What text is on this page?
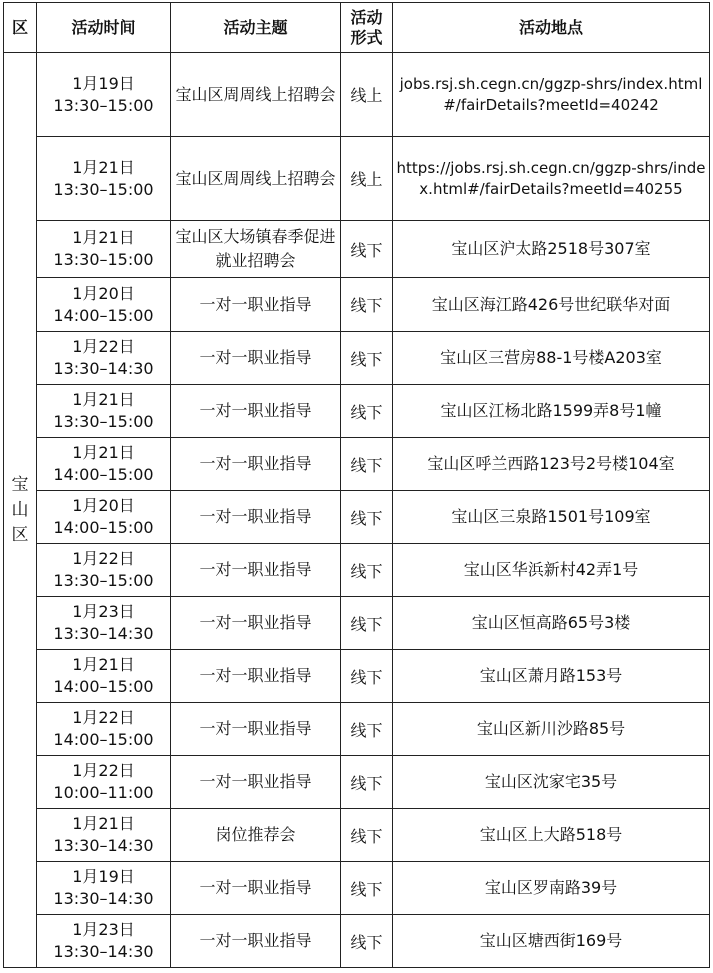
区	活动时间	活动主题	活动
形式	活动地点

宝
山
区	1月19日
13:30–15:00	宝山区周周线上招聘会	线上	jobs.rsj.sh.cegn.cn/ggzp-shrs/index.html#/fairDetails?meetId=40242

	1月21日
13:30–15:00	宝山区周周线上招聘会	线上	https://jobs.rsj.sh.cegn.cn/ggzp-shrs/index.html#/fairDetails?meetId=40255

	1月21日
13:30–15:00	宝山区大场镇春季促进就业招聘会	线下	宝山区沪太路2518号307室

	1月20日
14:00–15:00	一对一职业指导	线下	宝山区海江路426号世纪联华对面

	1月22日
13:30–14:30	一对一职业指导	线下	宝山区三营房88-1号楼A203室

	1月21日
13:30–15:00	一对一职业指导	线下	宝山区江杨北路1599弄8号1幢

	1月21日
14:00–15:00	一对一职业指导	线下	宝山区呼兰西路123号2号楼104室

	1月20日
14:00–15:00	一对一职业指导	线下	宝山区三泉路1501号109室

	1月22日
13:30–15:00	一对一职业指导	线下	宝山区华浜新村42弄1号

	1月23日
13:30–14:30	一对一职业指导	线下	宝山区恒高路65号3楼

	1月21日
14:00–15:00	一对一职业指导	线下	宝山区萧月路153号

	1月22日
14:00–15:00	一对一职业指导	线下	宝山区新川沙路85号

	1月22日
10:00–11:00	一对一职业指导	线下	宝山区沈家宅35号

	1月21日
13:30–14:30	岗位推荐会	线下	宝山区上大路518号

	1月19日
13:30–14:30	一对一职业指导	线下	宝山区罗南路39号

	1月23日
13:30–14:30	一对一职业指导	线下	宝山区塘西街169号
